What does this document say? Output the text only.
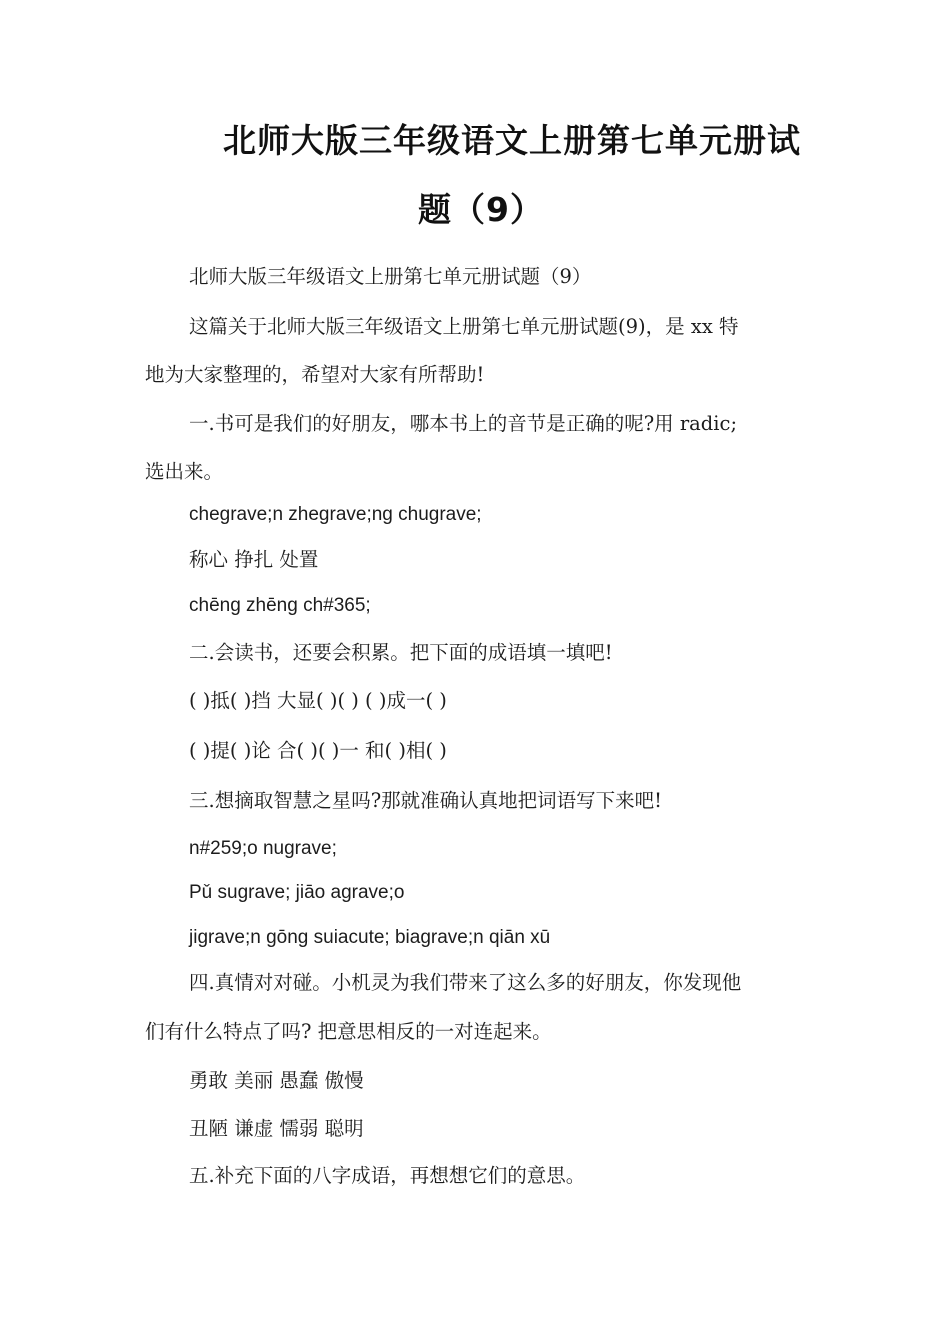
北师大版三年级语文上册第七单元册试
题（9）

北师大版三年级语文上册第七单元册试题（9）

这篇关于北师大版三年级语文上册第七单元册试题(9)，是 xx 特

地为大家整理的，希望对大家有所帮助!

一.书可是我们的好朋友，哪本书上的音节是正确的呢?用 radic;

选出来。

chegrave;n zhegrave;ng chugrave;

称心 挣扎 处置

chēng zhēng ch#365;

二.会读书，还要会积累。把下面的成语填一填吧!

( )抵( )挡 大显( )( ) ( )成一( )

( )提( )论 合( )( )一 和( )相( )

三.想摘取智慧之星吗?那就准确认真地把词语写下来吧!

n#259;o nugrave;

Pǔ sugrave; jiāo agrave;o

jigrave;n gōng suiacute; biagrave;n qiān xū

四.真情对对碰。小机灵为我们带来了这么多的好朋友，你发现他

们有什么特点了吗? 把意思相反的一对连起来。

勇敢 美丽 愚蠢 傲慢

丑陋 谦虚 懦弱 聪明

五.补充下面的八字成语，再想想它们的意思。
